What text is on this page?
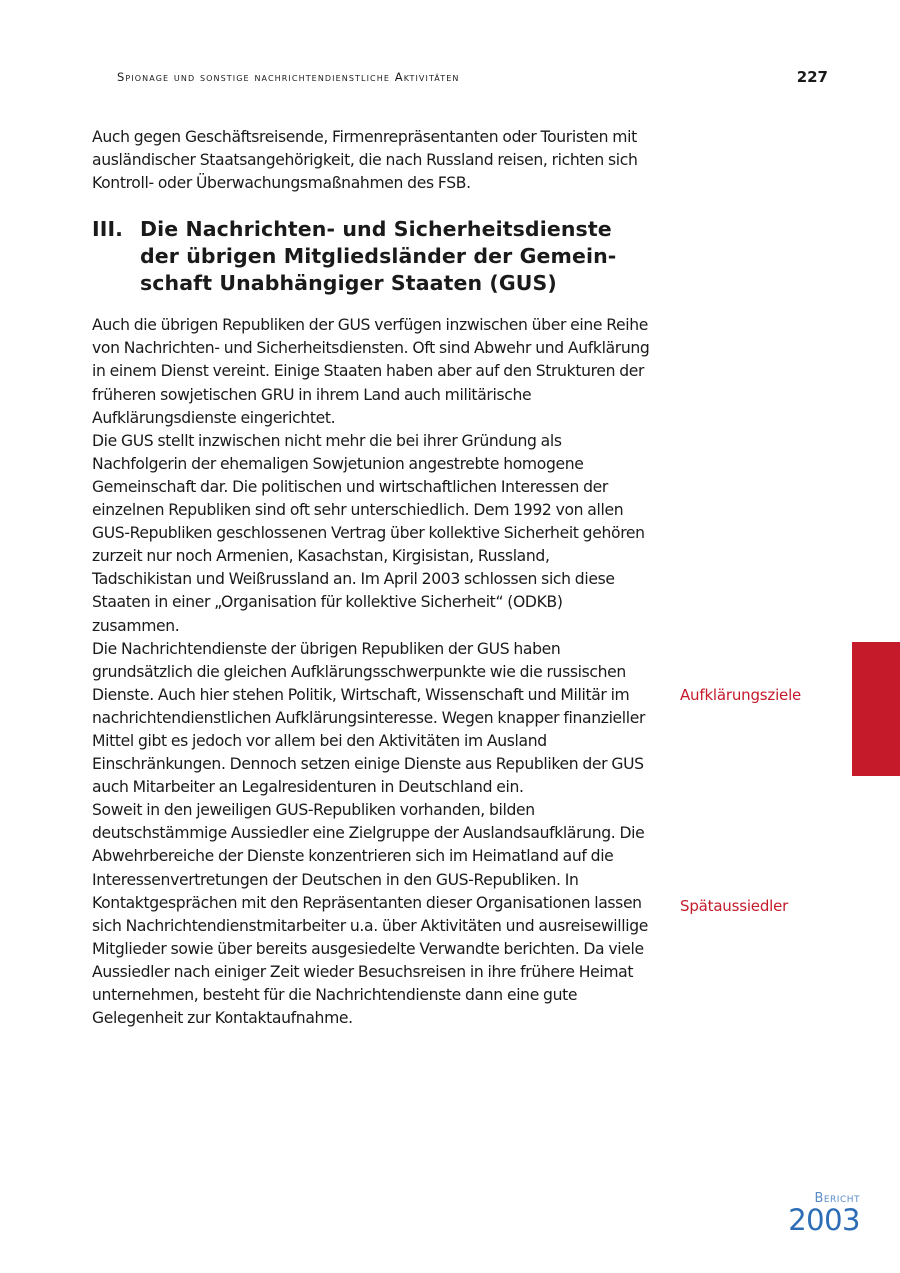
Spionage und sonstige nachrichtendienstliche Aktivitäten	227

Auch gegen Geschäftsreisende, Firmenrepräsentanten oder Touristen mit ausländischer Staatsangehörigkeit, die nach Russland reisen, richten sich Kontroll- oder Überwachungsmaßnahmen des FSB.

III. Die Nachrichten- und Sicherheitsdienste der übrigen Mitgliedsländer der Gemeinschaft Unabhängiger Staaten (GUS)

Auch die übrigen Republiken der GUS verfügen inzwischen über eine Reihe von Nachrichten- und Sicherheitsdiensten. Oft sind Abwehr und Aufklärung in einem Dienst vereint. Einige Staaten haben aber auf den Strukturen der früheren sowjetischen GRU in ihrem Land auch militärische Aufklärungsdienste eingerichtet.

Die GUS stellt inzwischen nicht mehr die bei ihrer Gründung als Nachfolgerin der ehemaligen Sowjetunion angestrebte homogene Gemeinschaft dar. Die politischen und wirtschaftlichen Interessen der einzelnen Republiken sind oft sehr unterschiedlich. Dem 1992 von allen GUS-Republiken geschlossenen Vertrag über kollektive Sicherheit gehören zurzeit nur noch Armenien, Kasachstan, Kirgisistan, Russland, Tadschikistan und Weißrussland an. Im April 2003 schlossen sich diese Staaten in einer „Organisation für kollektive Sicherheit“ (ODKB) zusammen.

Die Nachrichtendienste der übrigen Republiken der GUS haben grundsätzlich die gleichen Aufklärungsschwerpunkte wie die russischen Dienste. Auch hier stehen Politik, Wirtschaft, Wissenschaft und Militär im nachrichtendienstlichen Aufklärungsinteresse. Wegen knapper finanzieller Mittel gibt es jedoch vor allem bei den Aktivitäten im Ausland Einschränkungen. Dennoch setzen einige Dienste aus Republiken der GUS auch Mitarbeiter an Legalresidenturen in Deutschland ein.

Soweit in den jeweiligen GUS-Republiken vorhanden, bilden deutschstämmige Aussiedler eine Zielgruppe der Auslandsaufklärung. Die Abwehrbereiche der Dienste konzentrieren sich im Heimatland auf die Interessenvertretungen der Deutschen in den GUS-Republiken. In Kontaktgesprächen mit den Repräsentanten dieser Organisationen lassen sich Nachrichtendienstmitarbeiter u.a. über Aktivitäten und ausreisewillige Mitglieder sowie über bereits ausgesiedelte Verwandte berichten. Da viele Aussiedler nach einiger Zeit wieder Besuchsreisen in ihre frühere Heimat unternehmen, besteht für die Nachrichtendienste dann eine gute Gelegenheit zur Kontaktaufnahme.

Aufklärungsziele
Spätaussiedler
Bericht
2003
